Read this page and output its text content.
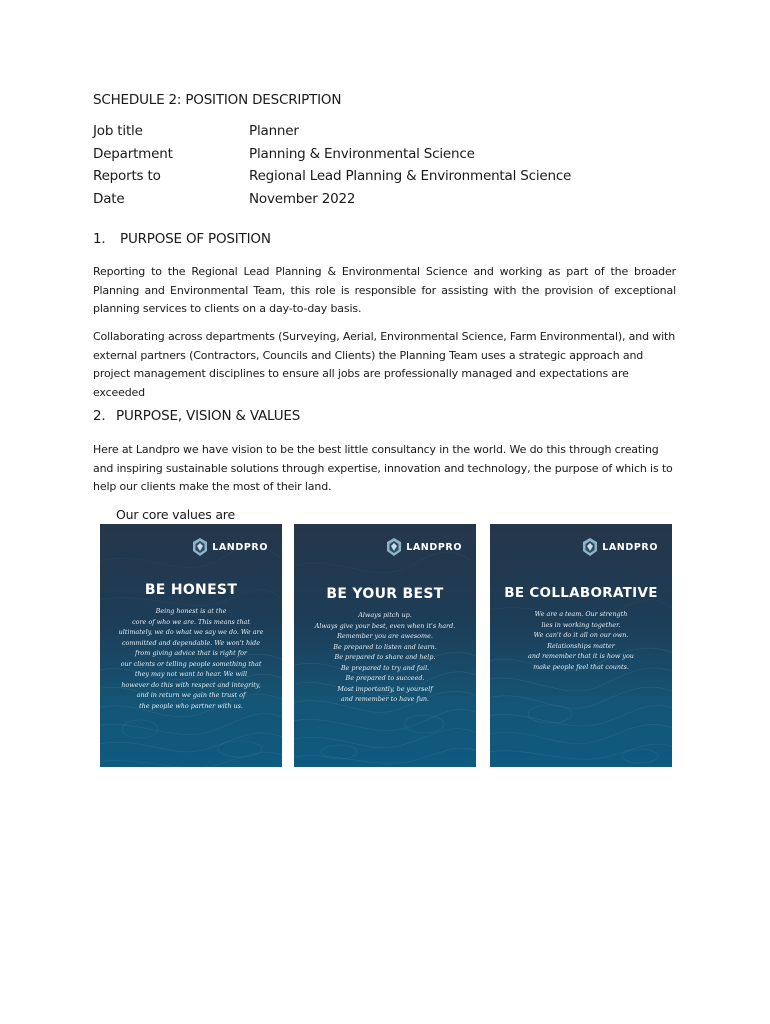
SCHEDULE 2: POSITION DESCRIPTION
Job title	Planner
Department	Planning & Environmental Science
Reports to	Regional Lead Planning & Environmental Science
Date	November 2022
1.	PURPOSE OF POSITION

Reporting to the Regional Lead Planning & Environmental Science and working as part of the broader Planning and Environmental Team, this role is responsible for assisting with the provision of exceptional planning services to clients on a day-to-day basis.

Collaborating across departments (Surveying, Aerial, Environmental Science, Farm Environmental), and with external partners (Contractors, Councils and Clients) the Planning Team uses a strategic approach and project management disciplines to ensure all jobs are professionally managed and expectations are exceeded

2. PURPOSE, VISION & VALUES

Here at Landpro we have vision to be the best little consultancy in the world. We do this through creating and inspiring sustainable solutions through expertise, innovation and technology, the purpose of which is to help our clients make the most of their land.

Our core values are
LANDPRO
BE HONEST
Being honest is at the
core of who we are. This means that
ultimately, we do what we say we do. We are
committed and dependable. We won't hide
from giving advice that is right for
our clients or telling people something that
they may not want to hear. We will
however do this with respect and integrity,
and in return we gain the trust of
the people who partner with us.
LANDPRO
BE YOUR BEST
Always pitch up.
Always give your best, even when it's hard.
Remember you are awesome.
Be prepared to listen and learn.
Be prepared to share and help.
Be prepared to try and fail.
Be prepared to succeed.
Most importantly, be yourself
and remember to have fun.
LANDPRO
BE COLLABORATIVE
We are a team. Our strength
lies in working together.
We can't do it all on our own.
Relationships matter
and remember that it is how you
make people feel that counts.
